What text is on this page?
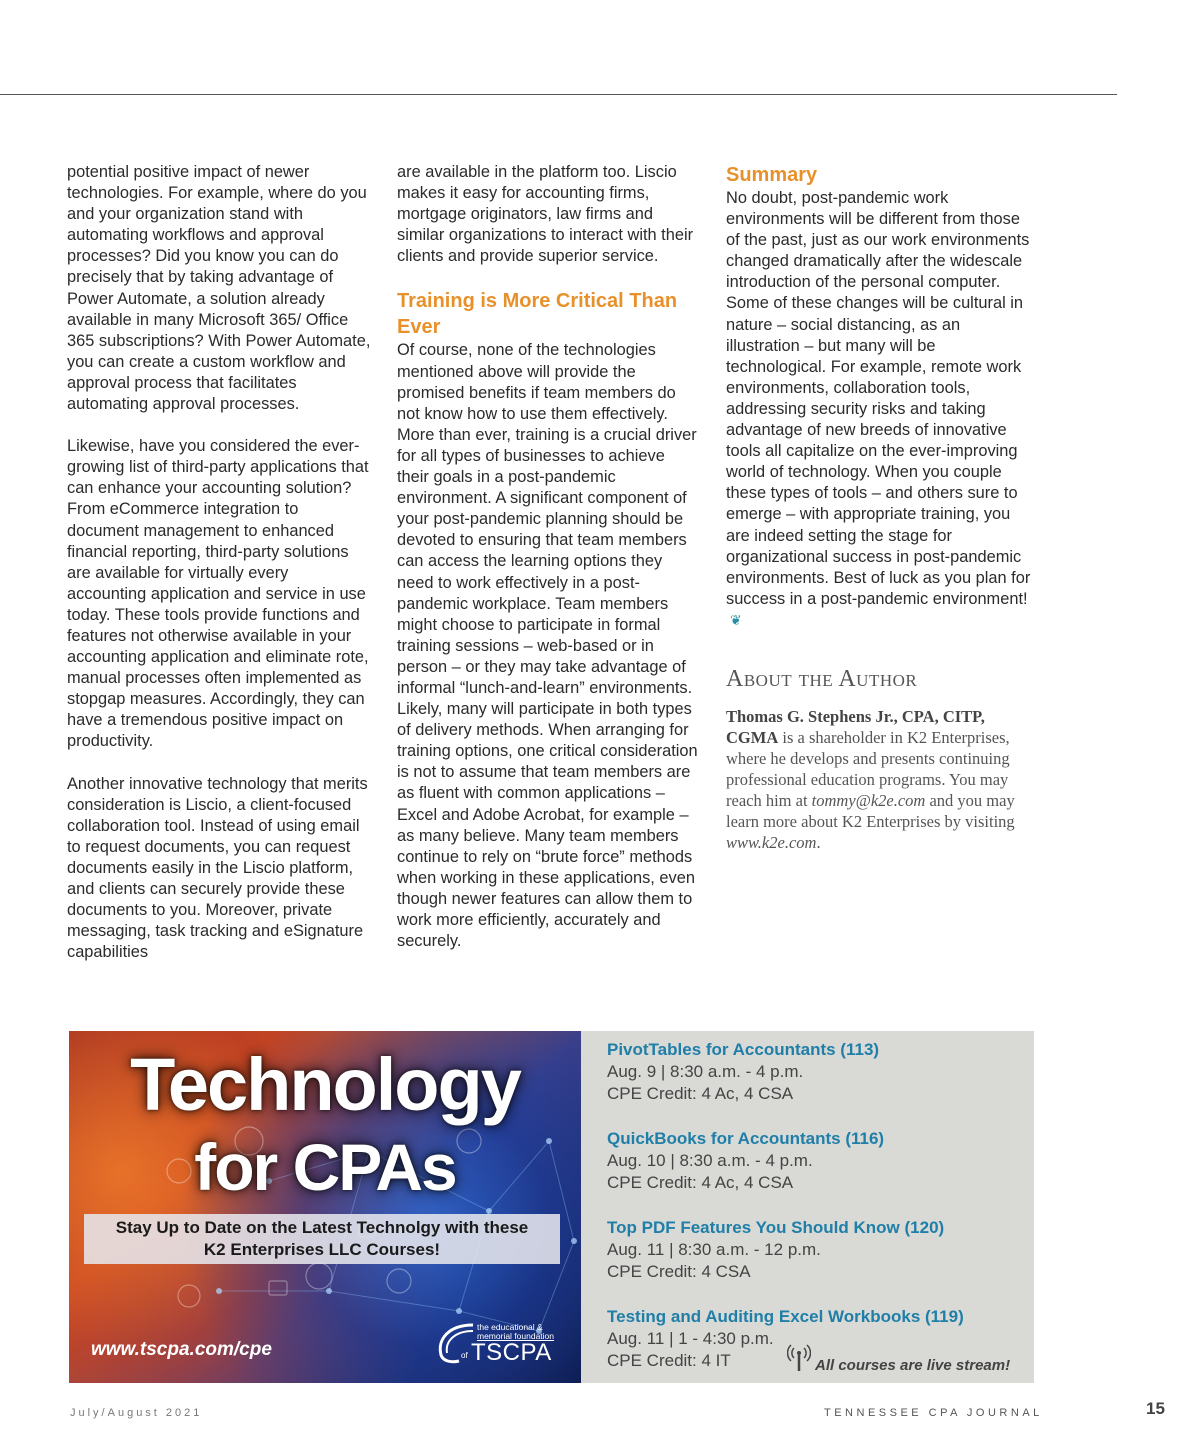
potential positive impact of newer technologies. For example, where do you and your organization stand with automating workflows and approval processes? Did you know you can do precisely that by taking advantage of Power Automate, a solution already available in many Microsoft 365/ Office 365 subscriptions? With Power Automate, you can create a custom workflow and approval process that facilitates automating approval processes.

Likewise, have you considered the ever-growing list of third-party applications that can enhance your accounting solution? From eCommerce integration to document management to enhanced financial reporting, third-party solutions are available for virtually every accounting application and service in use today. These tools provide functions and features not otherwise available in your accounting application and eliminate rote, manual processes often implemented as stopgap measures. Accordingly, they can have a tremendous positive impact on productivity.

Another innovative technology that merits consideration is Liscio, a client-focused collaboration tool. Instead of using email to request documents, you can request documents easily in the Liscio platform, and clients can securely provide these documents to you. Moreover, private messaging, task tracking and eSignature capabilities

are available in the platform too. Liscio makes it easy for accounting firms, mortgage originators, law firms and similar organizations to interact with their clients and provide superior service.

Training is More Critical Than Ever

Of course, none of the technologies mentioned above will provide the promised benefits if team members do not know how to use them effectively. More than ever, training is a crucial driver for all types of businesses to achieve their goals in a post-pandemic environment. A significant component of your post-pandemic planning should be devoted to ensuring that team members can access the learning options they need to work effectively in a post-pandemic workplace. Team members might choose to participate in formal training sessions – web-based or in person – or they may take advantage of informal “lunch-and-learn” environments. Likely, many will participate in both types of delivery methods. When arranging for training options, one critical consideration is not to assume that team members are as fluent with common applications – Excel and Adobe Acrobat, for example – as many believe. Many team members continue to rely on “brute force” methods when working in these applications, even though newer features can allow them to work more efficiently, accurately and securely.

Summary

No doubt, post-pandemic work environments will be different from those of the past, just as our work environments changed dramatically after the widescale introduction of the personal computer. Some of these changes will be cultural in nature – social distancing, as an illustration – but many will be technological. For example, remote work environments, collaboration tools, addressing security risks and taking advantage of new breeds of innovative tools all capitalize on the ever-improving world of technology. When you couple these types of tools – and others sure to emerge – with appropriate training, you are indeed setting the stage for organizational success in post-pandemic environments. Best of luck as you plan for success in a post-pandemic environment!❦

About the Author

Thomas G. Stephens Jr., CPA, CITP, CGMA is a shareholder in K2 Enterprises, where he develops and presents continuing professional education programs. You may reach him at tommy@k2e.com and you may learn more about K2 Enterprises by visiting www.k2e.com.

Technology
for CPAs
Stay Up to Date on the Latest Technolgy with these
K2 Enterprises LLC Courses!
www.tscpa.com/cpe
the educational &
memorial foundation
of TSCPA
PivotTables for Accountants (113)
Aug. 9 | 8:30 a.m. - 4 p.m.
CPE Credit: 4 Ac, 4 CSA
QuickBooks for Accountants (116)
Aug. 10 | 8:30 a.m. - 4 p.m.
CPE Credit: 4 Ac, 4 CSA
Top PDF Features You Should Know (120)
Aug. 11 | 8:30 a.m. - 12 p.m.
CPE Credit: 4 CSA
Testing and Auditing Excel Workbooks (119)
Aug. 11 | 1 - 4:30 p.m.
CPE Credit: 4 IT	All courses are live stream!
July/August 2021	TENNESSEE CPA JOURNAL	15
